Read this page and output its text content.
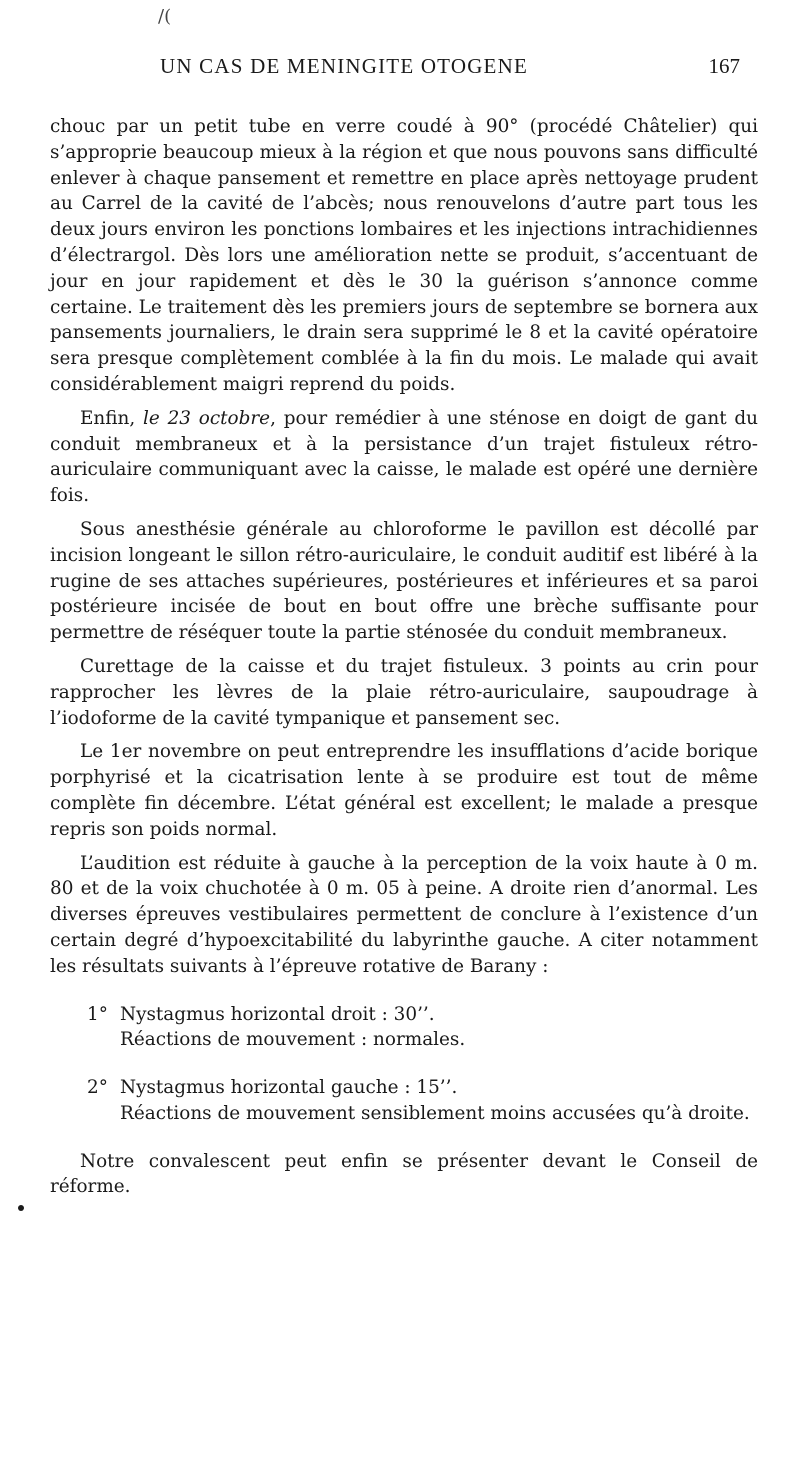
/(
UN CAS DE MENINGITE OTOGENE	167

chouc par un petit tube en verre coudé à 90° (procédé Châtelier) qui s’approprie beaucoup mieux à la région et que nous pouvons sans difficulté enlever à chaque pansement et remettre en place après nettoyage prudent au Carrel de la cavité de l’abcès; nous renouvelons d’autre part tous les deux jours environ les ponctions lombaires et les injections intrachidiennes d’électrargol. Dès lors une amélioration nette se produit, s’accentuant de jour en jour rapidement et dès le 30 la guérison s’annonce comme certaine. Le traitement dès les premiers jours de septembre se bornera aux pansements journaliers, le drain sera supprimé le 8 et la cavité opératoire sera presque complètement comblée à la fin du mois. Le malade qui avait considérablement maigri reprend du poids.

Enfin, le 23 octobre, pour remédier à une sténose en doigt de gant du conduit membraneux et à la persistance d’un trajet fistuleux rétro-auriculaire communiquant avec la caisse, le malade est opéré une dernière fois.

Sous anesthésie générale au chloroforme le pavillon est décollé par incision longeant le sillon rétro-auriculaire, le conduit auditif est libéré à la rugine de ses attaches supérieures, postérieures et inférieures et sa paroi postérieure incisée de bout en bout offre une brèche suffisante pour permettre de réséquer toute la partie sténosée du conduit membraneux.

Curettage de la caisse et du trajet fistuleux. 3 points au crin pour rapprocher les lèvres de la plaie rétro-auriculaire, saupoudrage à l’iodoforme de la cavité tympanique et pansement sec.

Le 1er novembre on peut entreprendre les insufflations d’acide borique porphyrisé et la cicatrisation lente à se produire est tout de même complète fin décembre. L’état général est excellent; le malade a presque repris son poids normal.

L’audition est réduite à gauche à la perception de la voix haute à 0 m. 80 et de la voix chuchotée à 0 m. 05 à peine. A droite rien d’anormal. Les diverses épreuves vestibulaires permettent de conclure à l’existence d’un certain degré d’hypoexcitabilité du labyrinthe gauche. A citer notamment les résultats suivants à l’épreuve rotative de Barany :

1° Nystagmus horizontal droit : 30’’.
Réactions de mouvement : normales.
2° Nystagmus horizontal gauche : 15’’.
Réactions de mouvement sensiblement moins accusées qu’à droite.

Notre convalescent peut enfin se présenter devant le Conseil de réforme.
